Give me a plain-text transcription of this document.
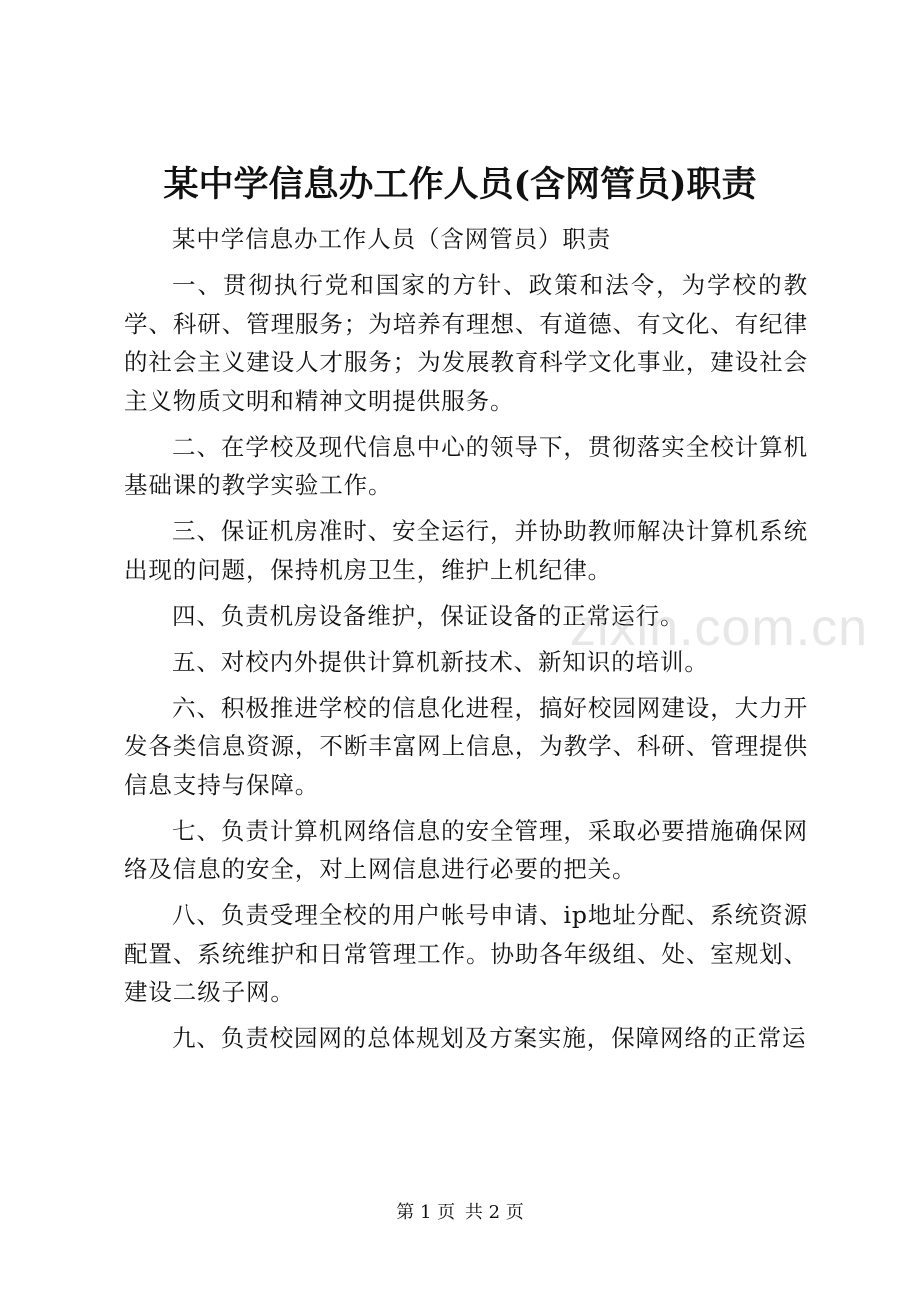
某中学信息办工作人员(含网管员)职责

某中学信息办工作人员（含网管员）职责

一、贯彻执行党和国家的方针、政策和法令，为学校的教学、科研、管理服务；为培养有理想、有道德、有文化、有纪律的社会主义建设人才服务；为发展教育科学文化事业，建设社会主义物质文明和精神文明提供服务。

二、在学校及现代信息中心的领导下，贯彻落实全校计算机基础课的教学实验工作。

三、保证机房准时、安全运行，并协助教师解决计算机系统出现的问题，保持机房卫生，维护上机纪律。

四、负责机房设备维护，保证设备的正常运行。

五、对校内外提供计算机新技术、新知识的培训。

六、积极推进学校的信息化进程，搞好校园网建设，大力开发各类信息资源，不断丰富网上信息，为教学、科研、管理提供信息支持与保障。

七、负责计算机网络信息的安全管理，采取必要措施确保网络及信息的安全，对上网信息进行必要的把关。

八、负责受理全校的用户帐号申请、ip地址分配、系统资源配置、系统维护和日常管理工作。协助各年级组、处、室规划、建设二级子网。

九、负责校园网的总体规划及方案实施，保障网络的正常运

zixin.com.cn
第 1 页 共 2 页
